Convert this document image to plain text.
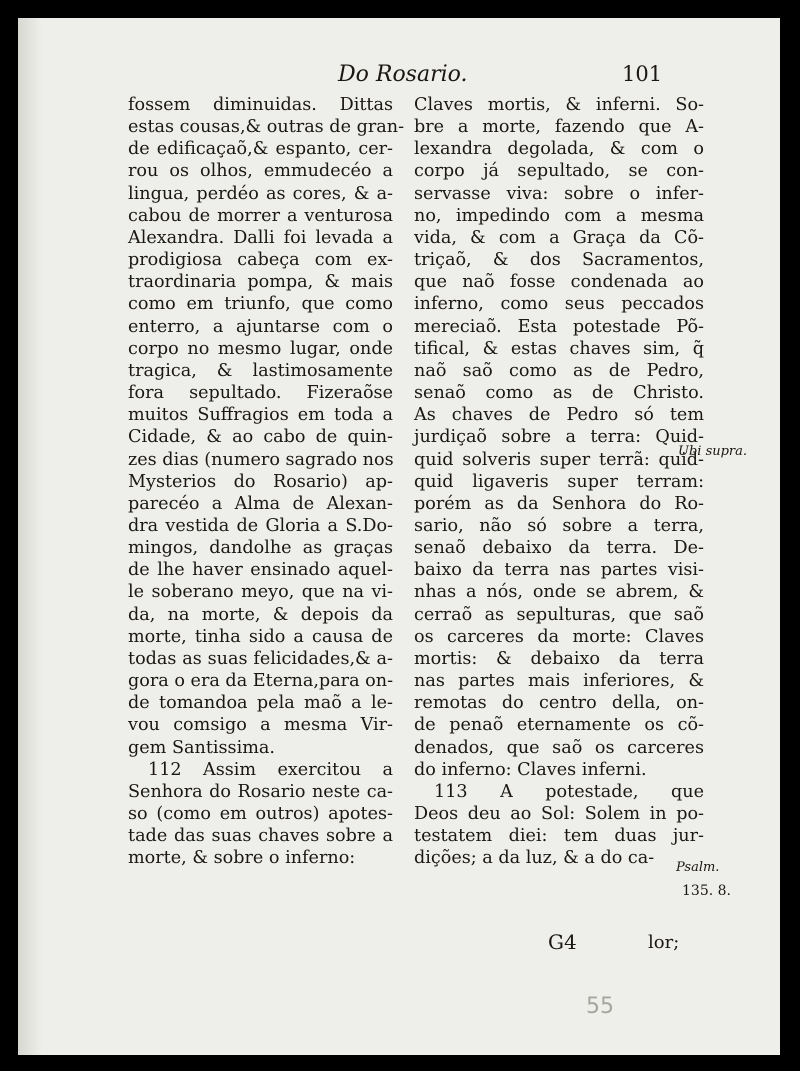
Do Rosario.	101
fossem diminuidas. Dittas
estas cousas,& outras de gran-
de edificaçaõ,& espanto, cer-
rou os olhos, emmudecéo a
lingua, perdéo as cores, & a-
cabou de morrer a venturosa
Alexandra. Dalli foi levada a
prodigiosa cabeça com ex-
traordinaria pompa, & mais
como em triunfo, que como
enterro, a ajuntarse com o
corpo no mesmo lugar, onde
tragica, & lastimosamente
fora sepultado. Fizeraõse
muitos Suffragios em toda a
Cidade, & ao cabo de quin-
zes dias (numero sagrado nos
Mysterios do Rosario) ap-
parecéo a Alma de Alexan-
dra vestida de Gloria a S.Do-
mingos, dandolhe as graças
de lhe haver ensinado aquel-
le soberano meyo, que na vi-
da, na morte, & depois da
morte, tinha sido a causa de
todas as suas felicidades,& a-
gora o era da Eterna,para on-
de tomandoa pela maõ a le-
vou comsigo a mesma Vir-
gem Santissima.
112 Assim exercitou a
Senhora do Rosario neste ca-
so (como em outros) apotes-
tade das suas chaves sobre a
morte, & sobre o inferno:
Claves mortis, & inferni. So-
bre a morte, fazendo que A-
lexandra degolada, & com o
corpo já sepultado, se con-
servasse viva: sobre o infer-
no, impedindo com a mesma
vida, & com a Graça da Cõ-
triçaõ, & dos Sacramentos,
que naõ fosse condenada ao
inferno, como seus peccados
mereciaõ. Esta potestade Põ-
tifical, & estas chaves sim, q̃
naõ saõ como as de Pedro,
senaõ como as de Christo.
As chaves de Pedro só tem
jurdiçaõ sobre a terra: Quid-
quid solveris super terrã: quid-
quid ligaveris super terram:
porém as da Senhora do Ro-
sario, não só sobre a terra,
senaõ debaixo da terra. De-
baixo da terra nas partes visi-
nhas a nós, onde se abrem, &
cerraõ as sepulturas, que saõ
os carceres da morte: Claves
mortis: & debaixo da terra
nas partes mais inferiores, &
remotas do centro della, on-
de penaõ eternamente os cõ-
denados, que saõ os carceres
do inferno: Claves inferni.
113 A potestade, que
Deos deu ao Sol: Solem in po-
testatem diei: tem duas jur-
dições; a da luz, & a do ca-
Ubi supra.
Psalm.
135. 8.
G4	lor;
55
